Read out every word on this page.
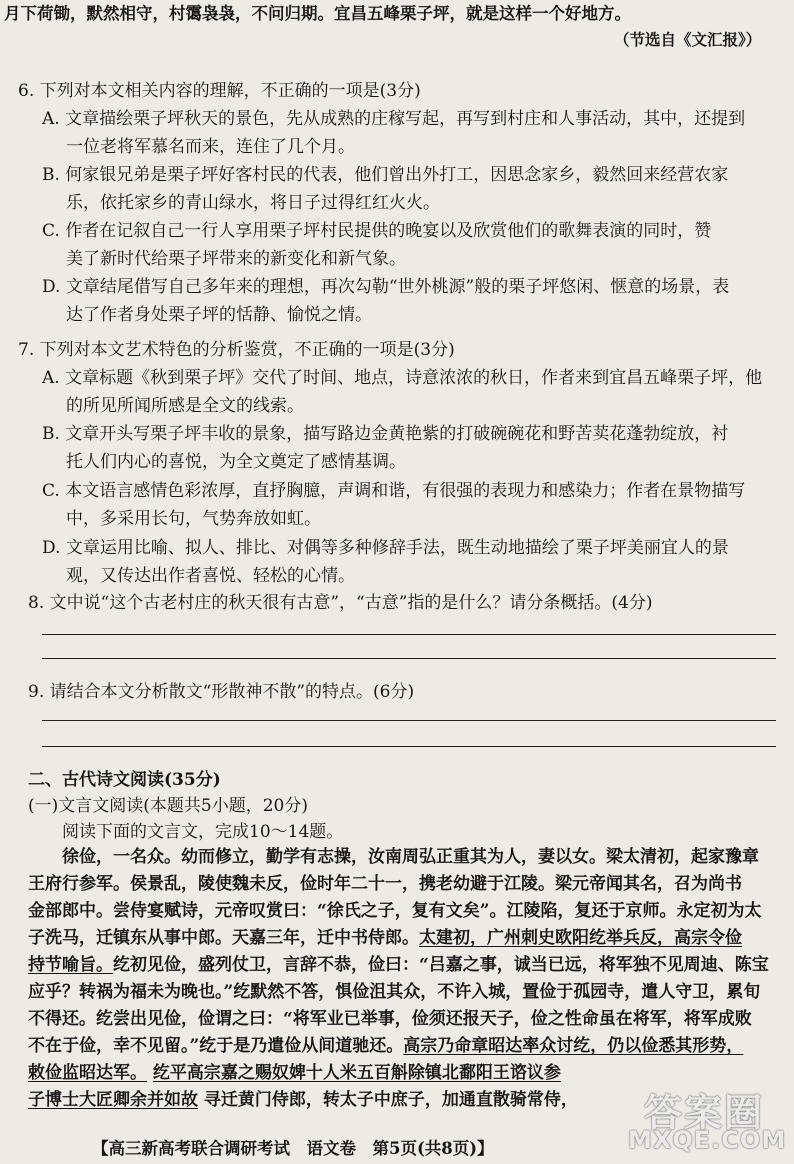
月下荷锄，默然相守，村霭袅袅，不问归期。宜昌五峰栗子坪，就是这样一个好地方。
（节选自《文汇报》）
6. 下列对本文相关内容的理解，不正确的一项是(3分)
A. 文章描绘栗子坪秋天的景色，先从成熟的庄稼写起，再写到村庄和人事活动，其中，还提到
一位老将军慕名而来，连住了几个月。
B. 何家银兄弟是栗子坪好客村民的代表，他们曾出外打工，因思念家乡，毅然回来经营农家
乐，依托家乡的青山绿水，将日子过得红红火火。
C. 作者在记叙自己一行人享用栗子坪村民提供的晚宴以及欣赏他们的歌舞表演的同时，赞
美了新时代给栗子坪带来的新变化和新气象。
D. 文章结尾借写自己多年来的理想，再次勾勒“世外桃源”般的栗子坪悠闲、惬意的场景，表
达了作者身处栗子坪的恬静、愉悦之情。
7. 下列对本文艺术特色的分析鉴赏，不正确的一项是(3分)
A. 文章标题《秋到栗子坪》交代了时间、地点，诗意浓浓的秋日，作者来到宜昌五峰栗子坪，他
的所见所闻所感是全文的线索。
B. 文章开头写栗子坪丰收的景象，描写路边金黄艳紫的打破碗碗花和野苦荬花蓬勃绽放，衬
托人们内心的喜悦，为全文奠定了感情基调。
C. 本文语言感情色彩浓厚，直抒胸臆，声调和谐，有很强的表现力和感染力；作者在景物描写
中，多采用长句，气势奔放如虹。
D. 文章运用比喻、拟人、排比、对偶等多种修辞手法，既生动地描绘了栗子坪美丽宜人的景
观，又传达出作者喜悦、轻松的心情。
8. 文中说“这个古老村庄的秋天很有古意”，“古意”指的是什么？请分条概括。(4分)
9. 请结合本文分析散文“形散神不散”的特点。(6分)
二、古代诗文阅读(35分)
(一)文言文阅读(本题共5小题，20分)
阅读下面的文言文，完成10～14题。
徐俭，一名众。幼而修立，勤学有志操，汝南周弘正重其为人，妻以女。梁太清初，起家豫章
王府行参军。侯景乱，陵使魏未反，俭时年二十一，携老幼避于江陵。梁元帝闻其名，召为尚书
金部郎中。尝侍宴赋诗，元帝叹赏曰：“徐氏之子，复有文矣”。江陵陷，复还于京师。永定初为太
子洗马，迁镇东从事中郎。天嘉三年，迁中书侍郎。太建初，广州刺史欧阳纥举兵反，高宗令俭
持节喻旨。纥初见俭，盛列仗卫，言辞不恭，俭曰：“吕嘉之事，诚当已远，将军独不见周迪、陈宝
应乎？转祸为福未为晚也。”纥默然不答，惧俭沮其众，不许入城，置俭于孤园寺，遣人守卫，累旬
不得还。纥尝出见俭，俭谓之曰：“将军业已举事，俭须还报天子，俭之性命虽在将军，将军成败
不在于俭，幸不见留。”纥于是乃遣俭从间道驰还。高宗乃命章昭达率众讨纥，仍以俭悉其形势，
敕俭监昭达军。 纥平高宗嘉之赐奴婢十人米五百斛除镇北鄱阳王谘议参
子博士大匠卿余并如故 寻迁黄门侍郎，转太子中庶子，加通直散骑常侍，
【高三新高考联合调研考试　语文卷　第5页(共8页)】
答案圈
MXQE.COM
